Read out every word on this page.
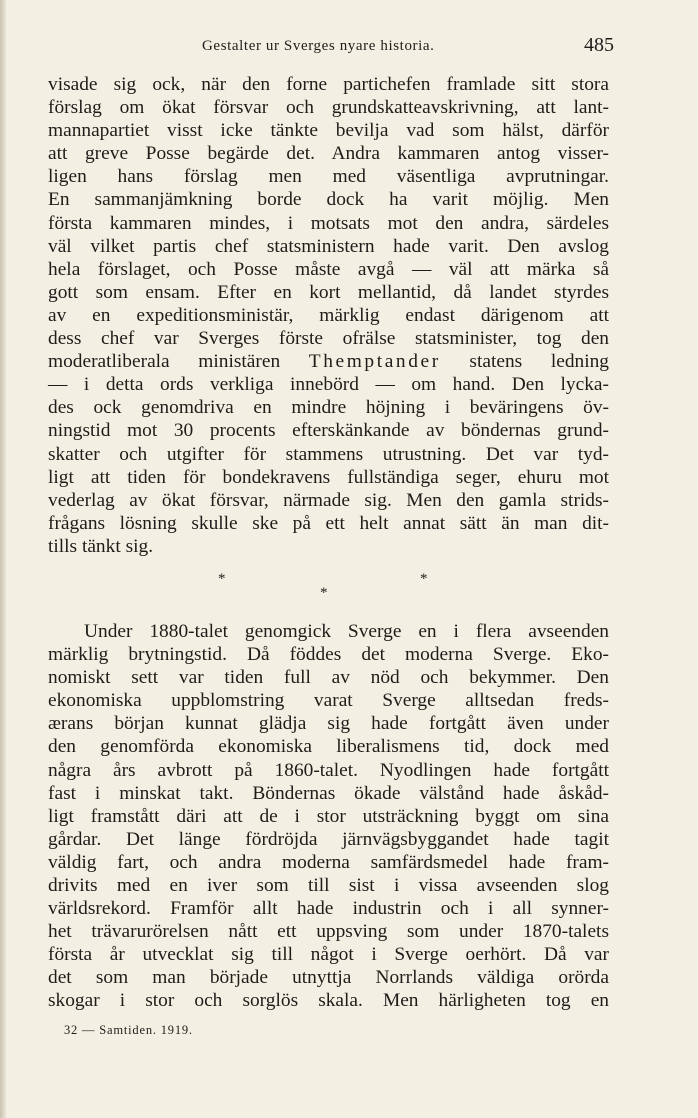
Gestalter ur Sverges nyare historia.	485
visade sig ock, när den forne partichefen framlade sitt stora
förslag om ökat försvar och grundskatteavskrivning, att lant-
mannapartiet visst icke tänkte bevilja vad som hälst, därför
att greve Posse begärde det. Andra kammaren antog visser-
ligen hans förslag men med väsentliga avprutningar.
En sammanjämkning borde dock ha varit möjlig. Men
första kammaren mindes, i motsats mot den andra, särdeles
väl vilket partis chef statsministern hade varit. Den avslog
hela förslaget, och Posse måste avgå — väl att märka så
gott som ensam. Efter en kort mellantid, då landet styrdes
av en expeditionsministär, märklig endast därigenom att
dess chef var Sverges förste ofrälse statsminister, tog den
moderatliberala ministären Themptander statens ledning
— i detta ords verkliga innebörd — om hand. Den lycka-
des ock genomdriva en mindre höjning i beväringens öv-
ningstid mot 30 procents efterskänkande av böndernas grund-
skatter och utgifter för stammens utrustning. Det var tyd-
ligt att tiden för bondekravens fullständiga seger, ehuru mot
vederlag av ökat försvar, närmade sig. Men den gamla strids-
frågans lösning skulle ske på ett helt annat sätt än man dit-
tills tänkt sig.
*	*
*
Under 1880-talet genomgick Sverge en i flera avseenden
märklig brytningstid. Då föddes det moderna Sverge. Eko-
nomiskt sett var tiden full av nöd och bekymmer. Den
ekonomiska uppblomstring varat Sverge alltsedan freds-
ærans början kunnat glädja sig hade fortgått även under
den genomförda ekonomiska liberalismens tid, dock med
några års avbrott på 1860-talet. Nyodlingen hade fortgått
fast i minskat takt. Böndernas ökade välstånd hade åskåd-
ligt framstått däri att de i stor utsträckning byggt om sina
gårdar. Det länge fördröjda järnvägsbyggandet hade tagit
väldig fart, och andra moderna samfärdsmedel hade fram-
drivits med en iver som till sist i vissa avseenden slog
världsrekord. Framför allt hade industrin och i all synner-
het trävarurörelsen nått ett uppsving som under 1870-talets
första år utvecklat sig till något i Sverge oerhört. Då var
det som man började utnyttja Norrlands väldiga orörda
skogar i stor och sorglös skala. Men härligheten tog en
32 — Samtiden. 1919.
